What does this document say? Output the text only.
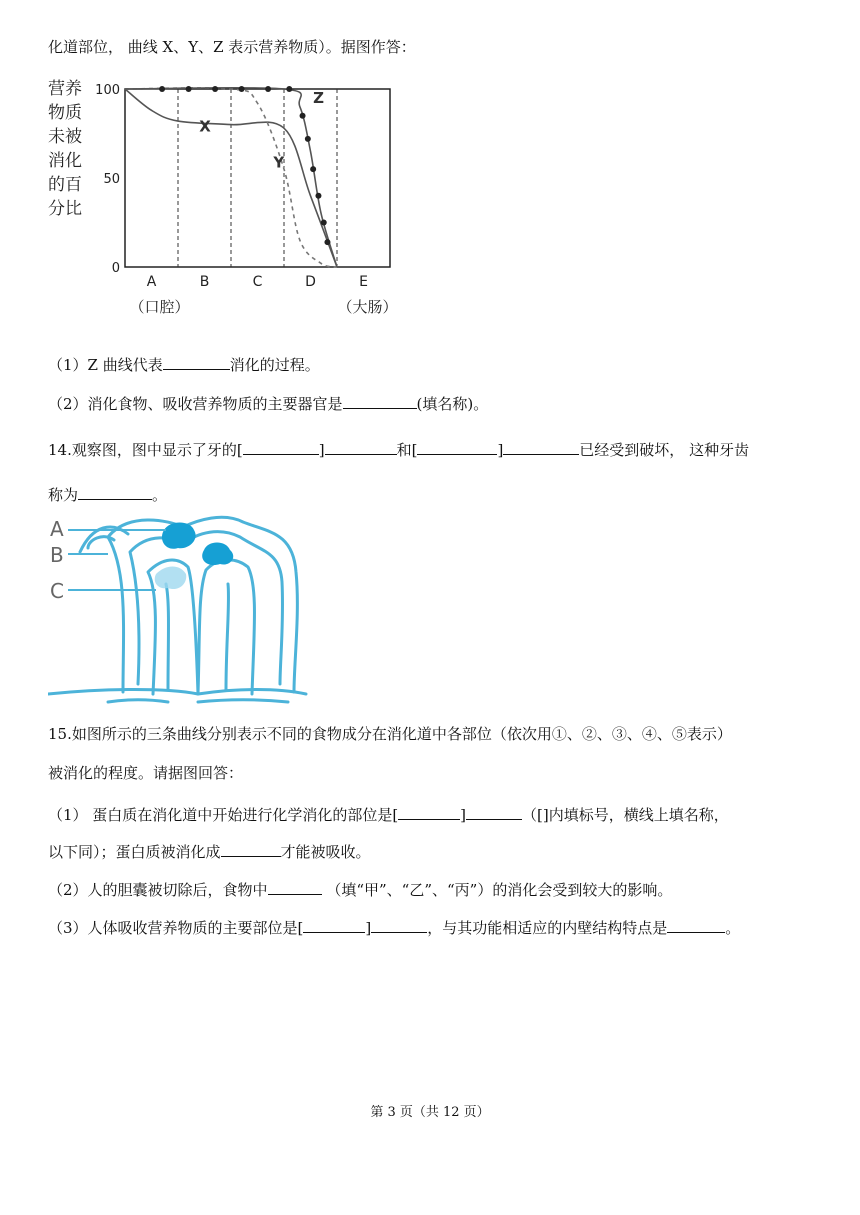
化道部位， 曲线 X、Y、Z 表示营养物质）。据图作答：
营养
物质
未被
消化
的百
分比
100
50
0
X
Y
Z
A
（口腔）
B	C	D	E
（大肠）
（1）Z 曲线代表	消化的过程。
（2）消化食物、吸收营养物质的主要器官是	(填名称)。
14.观察图，图中显示了牙的[	]	和[	]	已经受到破坏， 这种牙齿
称为	。
A
B
C
15.如图所示的三条曲线分别表示不同的食物成分在消化道中各部位（依次用①、②、③、④、⑤表示）
被消化的程度。请据图回答：
（1） 蛋白质在消化道中开始进行化学消化的部位是[	]	（[]内填标号，横线上填名称，
以下同）；蛋白质被消化成	才能被吸收。
（2）人的胆囊被切除后，食物中	（填“甲”、“乙”、“丙”）的消化会受到较大的影响。
（3）人体吸收营养物质的主要部位是[	]	，与其功能相适应的内壁结构特点是	。
第 3 页（共 12 页）
